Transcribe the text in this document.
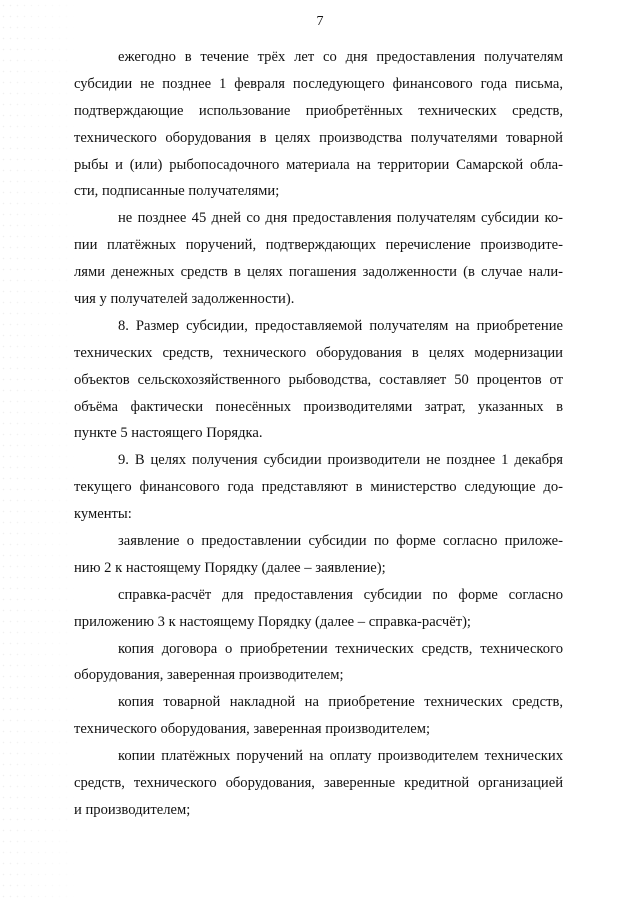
7
ежегодно в течение трёх лет со дня предоставления получателям
субсидии не позднее 1 февраля последующего финансового года письма,
подтверждающие использование приобретённых технических средств,
технического оборудования в целях производства получателями товарной
рыбы и (или) рыбопосадочного материала на территории Самарской обла-
сти, подписанные получателями;
не позднее 45 дней со дня предоставления получателям субсидии ко-
пии платёжных поручений, подтверждающих перечисление производите-
лями денежных средств в целях погашения задолженности (в случае нали-
чия у получателей задолженности).
8. Размер субсидии, предоставляемой получателям на приобретение
технических средств, технического оборудования в целях модернизации
объектов сельскохозяйственного рыбоводства, составляет 50 процентов от
объёма фактически понесённых производителями затрат, указанных в
пункте 5 настоящего Порядка.
9. В целях получения субсидии производители не позднее 1 декабря
текущего финансового года представляют в министерство следующие до-
кументы:
заявление о предоставлении субсидии по форме согласно приложе-
нию 2 к настоящему Порядку (далее – заявление);
справка-расчёт для предоставления субсидии по форме согласно
приложению 3 к настоящему Порядку (далее – справка-расчёт);
копия договора о приобретении технических средств, технического
оборудования, заверенная производителем;
копия товарной накладной на приобретение технических средств,
технического оборудования, заверенная производителем;
копии платёжных поручений на оплату производителем технических
средств, технического оборудования, заверенные кредитной организацией
и производителем;
